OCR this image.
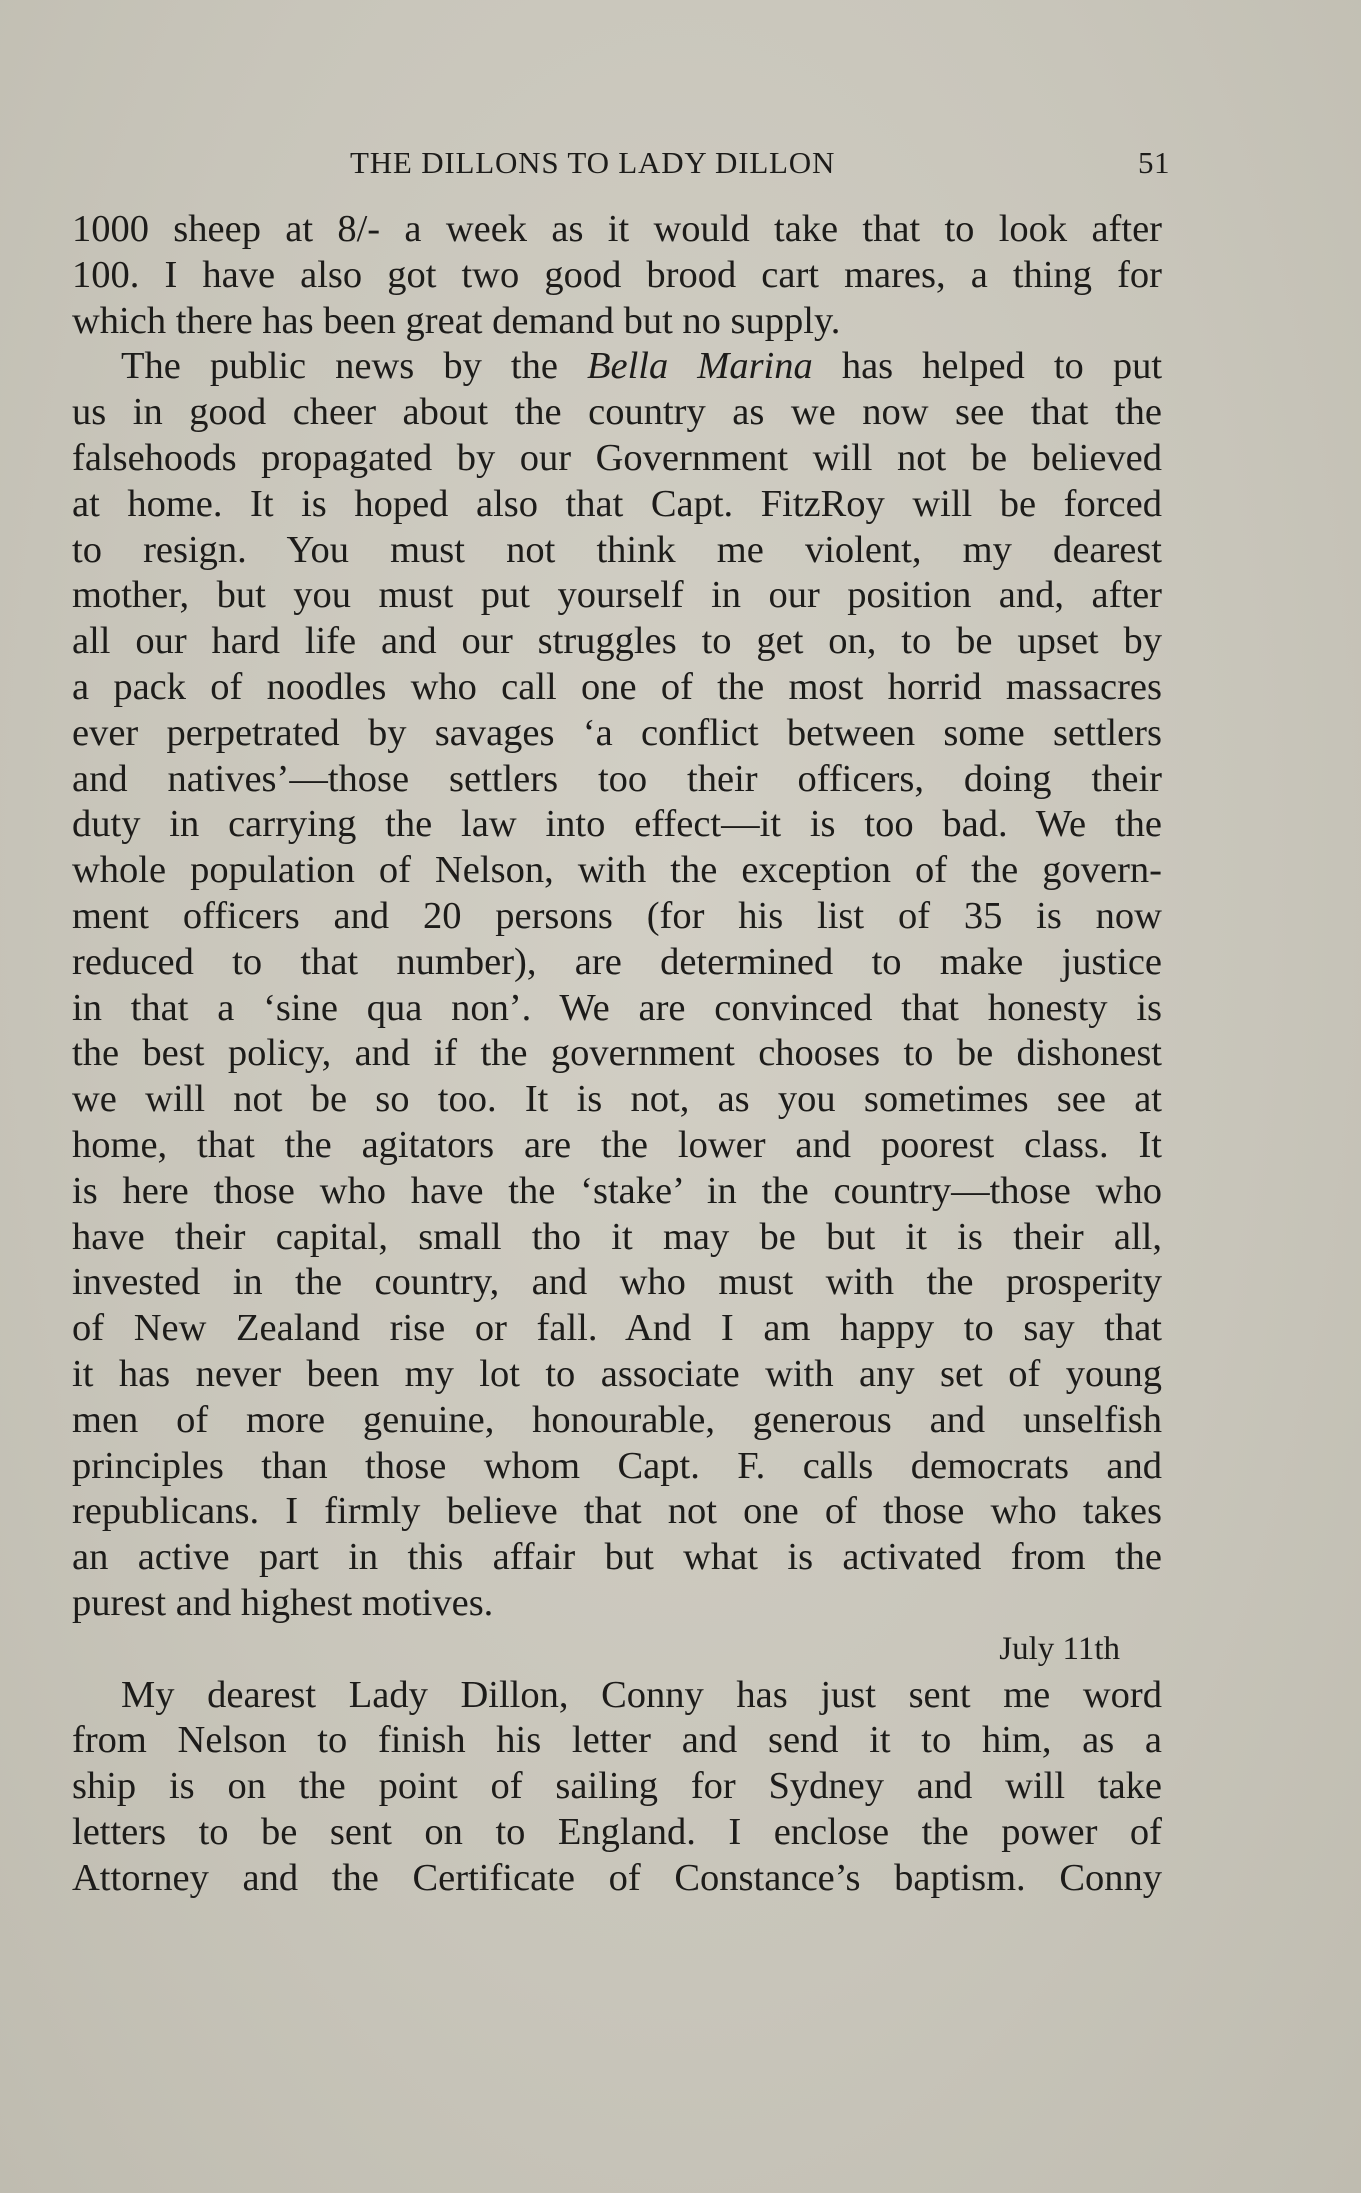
THE DILLONS TO LADY DILLON	51
1000 sheep at 8/- a week as it would take that to look after
100. I have also got two good brood cart mares, a thing for
which there has been great demand but no supply.
The public news by the Bella Marina has helped to put
us in good cheer about the country as we now see that the
falsehoods propagated by our Government will not be believed
at home. It is hoped also that Capt. FitzRoy will be forced
to resign. You must not think me violent, my dearest
mother, but you must put yourself in our position and, after
all our hard life and our struggles to get on, to be upset by
a pack of noodles who call one of the most horrid massacres
ever perpetrated by savages ‘a conflict between some settlers
and natives’—those settlers too their officers, doing their
duty in carrying the law into effect—it is too bad. We the
whole population of Nelson, with the exception of the govern-
ment officers and 20 persons (for his list of 35 is now
reduced to that number), are determined to make justice
in that a ‘sine qua non’. We are convinced that honesty is
the best policy, and if the government chooses to be dishonest
we will not be so too. It is not, as you sometimes see at
home, that the agitators are the lower and poorest class. It
is here those who have the ‘stake’ in the country—those who
have their capital, small tho it may be but it is their all,
invested in the country, and who must with the prosperity
of New Zealand rise or fall. And I am happy to say that
it has never been my lot to associate with any set of young
men of more genuine, honourable, generous and unselfish
principles than those whom Capt. F. calls democrats and
republicans. I firmly believe that not one of those who takes
an active part in this affair but what is activated from the
purest and highest motives.
July 11th
My dearest Lady Dillon, Conny has just sent me word
from Nelson to finish his letter and send it to him, as a
ship is on the point of sailing for Sydney and will take
letters to be sent on to England. I enclose the power of
Attorney and the Certificate of Constance’s baptism. Conny
